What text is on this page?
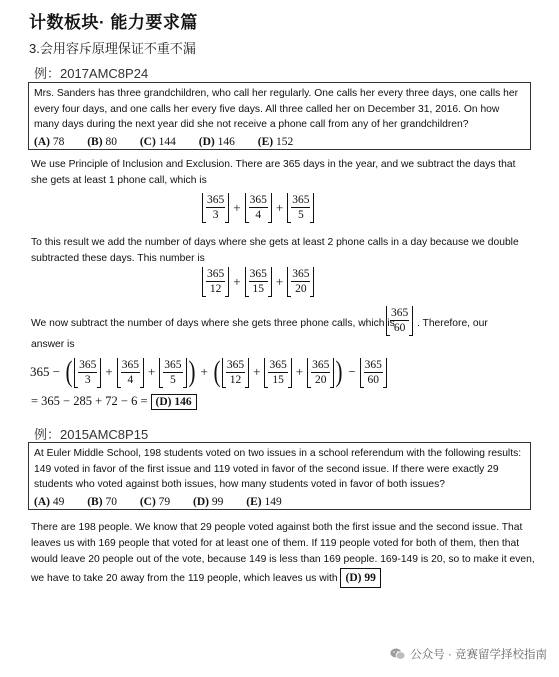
计数板块· 能力要求篇
3.会用容斥原理保证不重不漏
例：2017AMC8P24
Mrs. Sanders has three grandchildren, who call her regularly. One calls her every three days, one calls her every four days, and one calls her every five days. All three called her on December 31, 2016. On how many days during the next year did she not receive a phone call from any of her grandchildren?
(A) 78 (B) 80 (C) 144 (D) 146 (E) 152
We use Principle of Inclusion and Exclusion. There are 365 days in the year, and we subtract the days that she gets at least 1 phone call, which is
$\frac{365}{3} + \frac{365}{4} + \frac{365}{5}$
To this result we add the number of days where she gets at least 2 phone calls in a day because we double subtracted these days. This number is
$\frac{365}{12} + \frac{365}{15} + \frac{365}{20}$
We now subtract the number of days where she gets three phone calls, which is
$\frac{365}{60}$ . Therefore, our
answer is
365 − ( $\frac{365}{3} + \frac{365}{4} + \frac{365}{5}$ ) + ( $\frac{365}{12} + \frac{365}{15} + \frac{365}{20}$ ) − $\frac{365}{60}$
= 365 − 285 + 72 − 6 = (D) 146
例：2015AMC8P15
At Euler Middle School, 198 students voted on two issues in a school referendum with the following results: 149 voted in favor of the first issue and 119 voted in favor of the second issue. If there were exactly 29 students who voted against both issues, how many students voted in favor of both issues?
(A) 49 (B) 70 (C) 79 (D) 99 (E) 149
There are 198 people. We know that 29 people voted against both the first issue and the second issue. That leaves us with 169 people that voted for at least one of them. If 119 people voted for both of them, then that would leave 20 people out of the vote, because 149 is less than 169 people. 169-149 is 20, so to make it even, we have to take 20 away from the 119 people, which leaves us with (D) 99
公众号 · 竞赛留学择校指南
